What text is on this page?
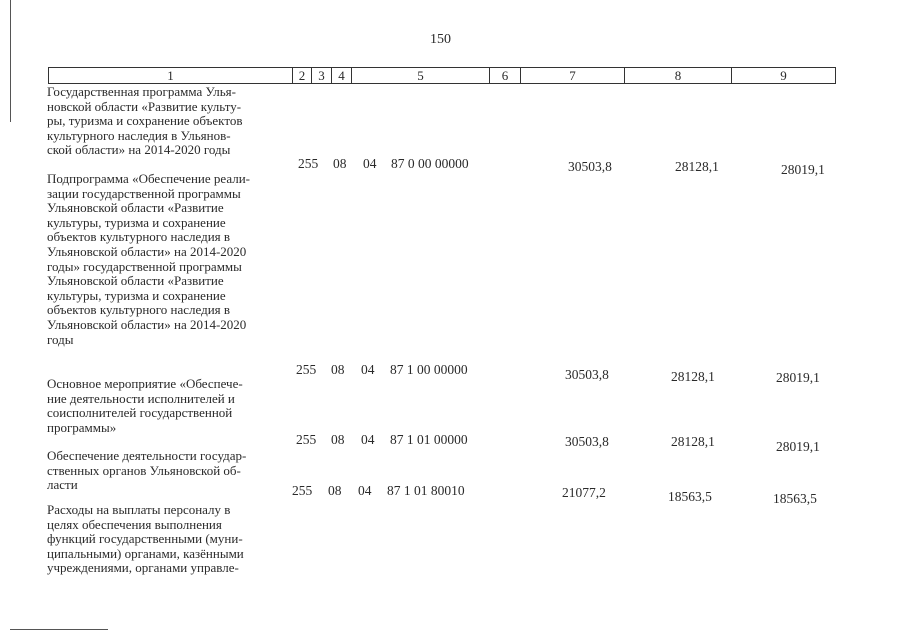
150
1	2	3	4	5	6	7	8	9
Государственная программа Улья-
новской области «Развитие культу-
ры, туризма и сохранение объектов
культурного наследия в Ульянов-
ской области» на 2014-2020 годы
255 08 04 87 0 00 00000	30503,8	28128,1	28019,1
Подпрограмма «Обеспечение реали-
зации государственной программы
Ульяновской области «Развитие
культуры, туризма и сохранение
объектов культурного наследия в
Ульяновской области» на 2014-2020
годы» государственной программы
Ульяновской области «Развитие
культуры, туризма и сохранение
объектов культурного наследия в
Ульяновской области» на 2014-2020
годы
255 08 04 87 1 00 00000	30503,8	28128,1	28019,1
Основное мероприятие «Обеспече-
ние деятельности исполнителей и
соисполнителей государственной
программы»
255 08 04 87 1 01 00000	30503,8	28128,1	28019,1
Обеспечение деятельности государ-
ственных органов Ульяновской об-
ласти	255 08 04 87 1 01 80010	21077,2	18563,5	18563,5
Расходы на выплаты персоналу в
целях обеспечения выполнения
функций государственными (муни-
ципальными) органами, казёнными
учреждениями, органами управле-
